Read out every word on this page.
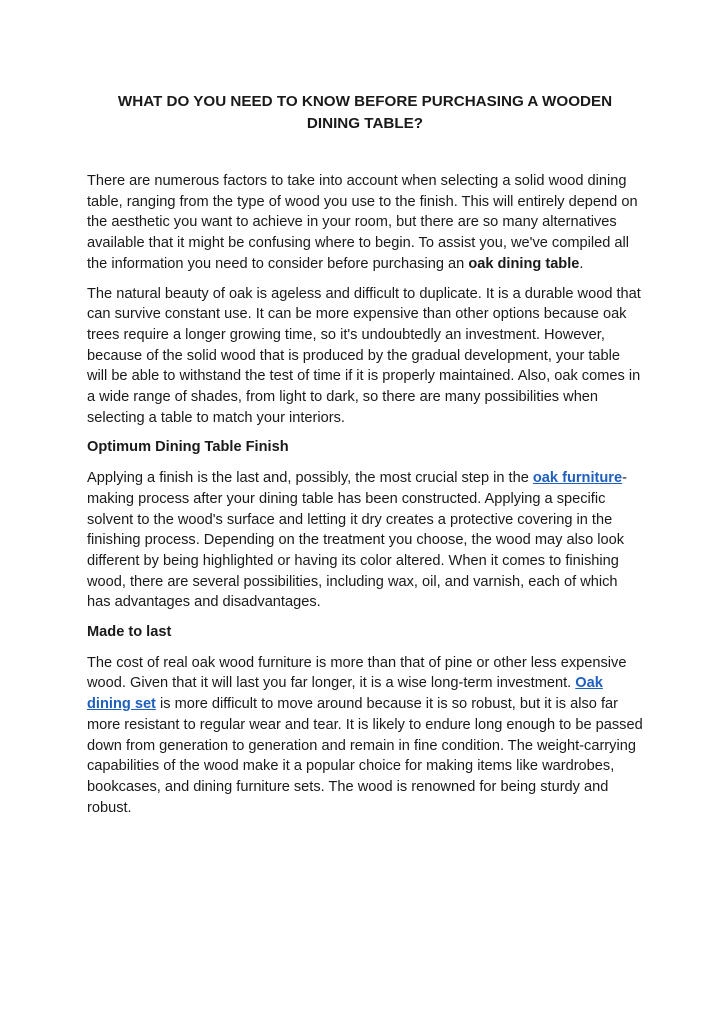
WHAT DO YOU NEED TO KNOW BEFORE PURCHASING A WOODEN
DINING TABLE?

There are numerous factors to take into account when selecting a solid wood dining table, ranging from the type of wood you use to the finish. This will entirely depend on the aesthetic you want to achieve in your room, but there are so many alternatives available that it might be confusing where to begin. To assist you, we've compiled all the information you need to consider before purchasing an oak dining table.

The natural beauty of oak is ageless and difficult to duplicate. It is a durable wood that can survive constant use. It can be more expensive than other options because oak trees require a longer growing time, so it's undoubtedly an investment. However, because of the solid wood that is produced by the gradual development, your table will be able to withstand the test of time if it is properly maintained. Also, oak comes in a wide range of shades, from light to dark, so there are many possibilities when selecting a table to match your interiors.

Optimum Dining Table Finish

Applying a finish is the last and, possibly, the most crucial step in the oak furniture-making process after your dining table has been constructed. Applying a specific solvent to the wood's surface and letting it dry creates a protective covering in the finishing process. Depending on the treatment you choose, the wood may also look different by being highlighted or having its color altered. When it comes to finishing wood, there are several possibilities, including wax, oil, and varnish, each of which has advantages and disadvantages.

Made to last

The cost of real oak wood furniture is more than that of pine or other less expensive wood. Given that it will last you far longer, it is a wise long-term investment. Oak dining set is more difficult to move around because it is so robust, but it is also far more resistant to regular wear and tear. It is likely to endure long enough to be passed down from generation to generation and remain in fine condition. The weight-carrying capabilities of the wood make it a popular choice for making items like wardrobes, bookcases, and dining furniture sets. The wood is renowned for being sturdy and robust.
